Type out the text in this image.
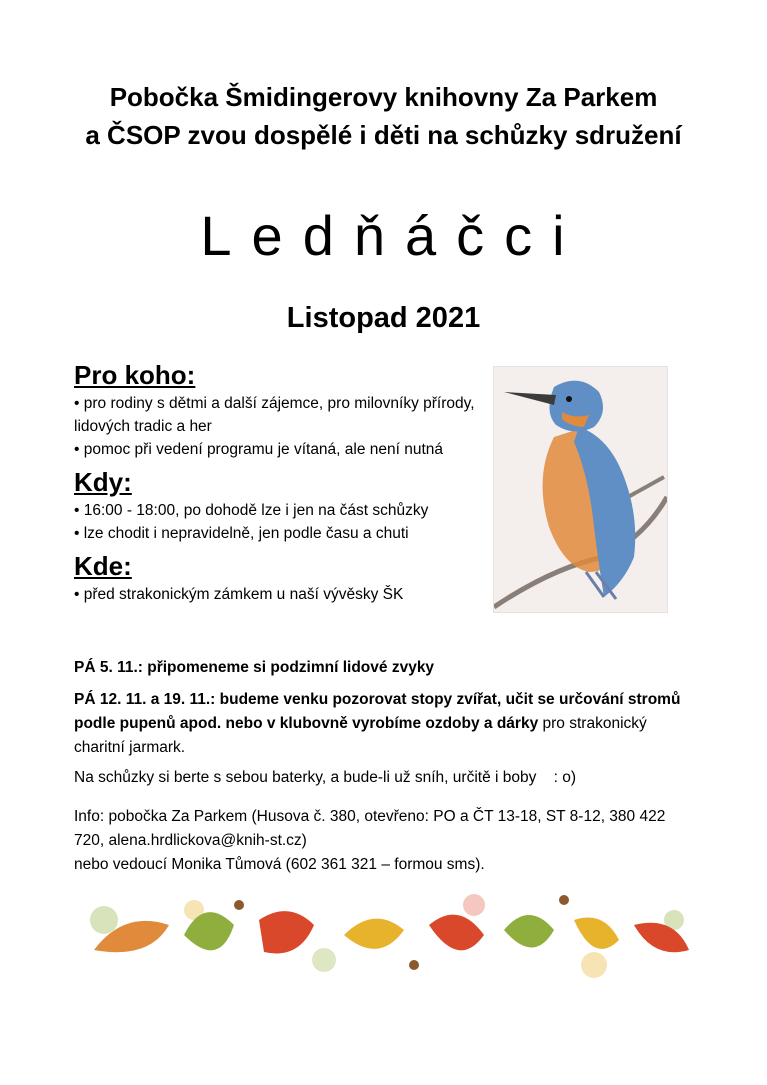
Pobočka Šmidingerovy knihovny Za Parkem
a ČSOP zvou dospělé i děti na schůzky sdružení
Ledňáčci
Listopad 2021

Pro koho:

• pro rodiny s dětmi a další zájemce, pro milovníky přírody, lidových tradic a her

• pomoc při vedení programu je vítaná, ale není nutná

Kdy:

• 16:00 - 18:00, po dohodě lze i jen na část schůzky

• lze chodit i nepravidelně, jen podle času a chuti

Kde:

• před strakonickým zámkem u naší vývěsky ŠK

PÁ 5. 11.: připomeneme si podzimní lidové zvyky
PÁ 12. 11. a 19. 11.: budeme venku pozorovat stopy zvířat, učit se určování stromů podle pupenů apod. nebo v klubovně vyrobíme ozdoby a dárky pro strakonický charitní jarmark.
Na schůzky si berte s sebou baterky, a bude-li už sníh, určitě i boby    : o)
Info: pobočka Za Parkem (Husova č. 380, otevřeno: PO a ČT 13-18, ST 8-12, 380 422 720, alena.hrdlickova@knih-st.cz)
nebo vedoucí Monika Tůmová (602 361 321 – formou sms).
